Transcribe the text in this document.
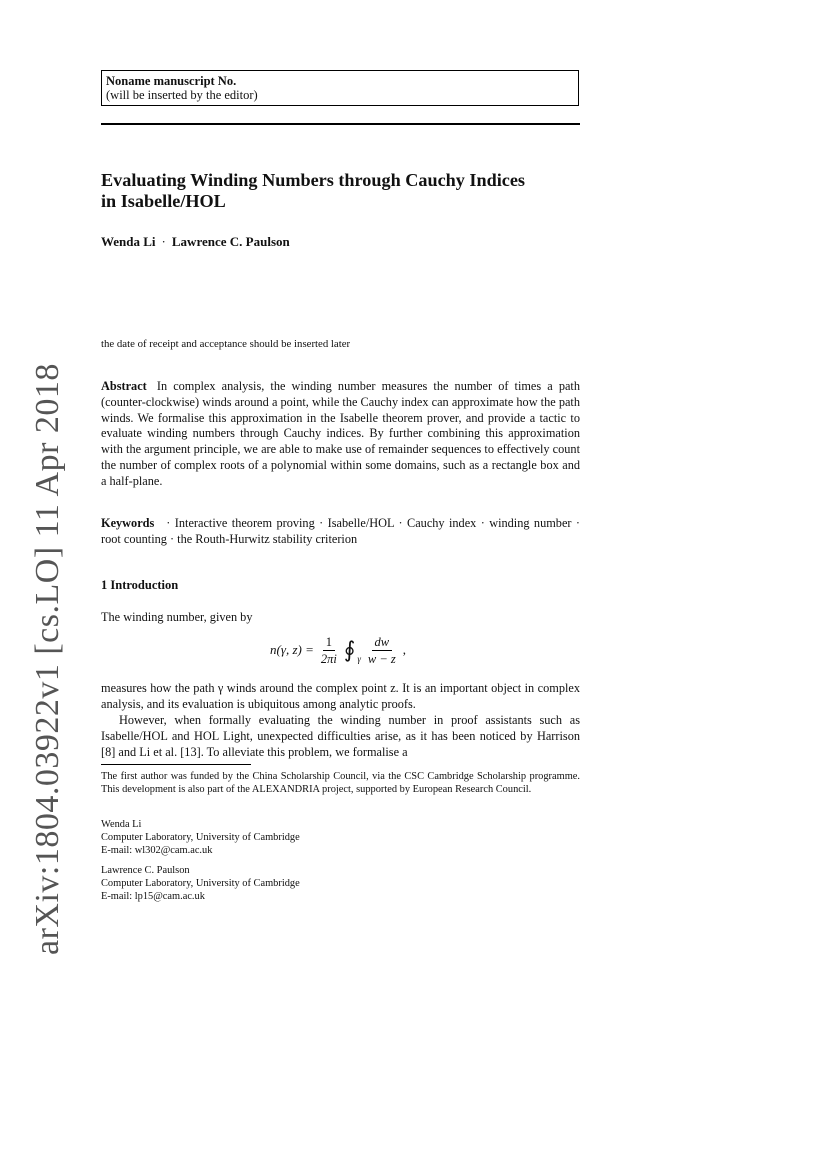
arXiv:1804.03922v1 [cs.LO] 11 Apr 2018
Noname manuscript No.
(will be inserted by the editor)
Evaluating Winding Numbers through Cauchy Indices
in Isabelle/HOL
Wenda Li · Lawrence C. Paulson
the date of receipt and acceptance should be inserted later
Abstract In complex analysis, the winding number measures the number of times a path (counter-clockwise) winds around a point, while the Cauchy index can approximate how the path winds. We formalise this approximation in the Isabelle theorem prover, and provide a tactic to evaluate winding numbers through Cauchy indices. By further combining this approximation with the argument principle, we are able to make use of remainder sequences to effectively count the number of complex roots of a polynomial within some domains, such as a rectangle box and a half-plane.
Keywords · Interactive theorem proving · Isabelle/HOL · Cauchy index · winding number · root counting · the Routh-Hurwitz stability criterion
1 Introduction
The winding number, given by
n(γ, $z) = \frac{1}{2\pi i}$ ∮ γ $\frac{dw}{w - z}$ ,
measures how the path γ winds around the complex point z. It is an important object in complex analysis, and its evaluation is ubiquitous among analytic proofs.
However, when formally evaluating the winding number in proof assistants such as Isabelle/HOL and HOL Light, unexpected difficulties arise, as it has been noticed by Harrison [8] and Li et al. [13]. To alleviate this problem, we formalise a
The first author was funded by the China Scholarship Council, via the CSC Cambridge Scholarship programme. This development is also part of the ALEXANDRIA project, supported by European Research Council.
Wenda Li
Computer Laboratory, University of Cambridge
E-mail: wl302@cam.ac.uk
Lawrence C. Paulson
Computer Laboratory, University of Cambridge
E-mail: lp15@cam.ac.uk
